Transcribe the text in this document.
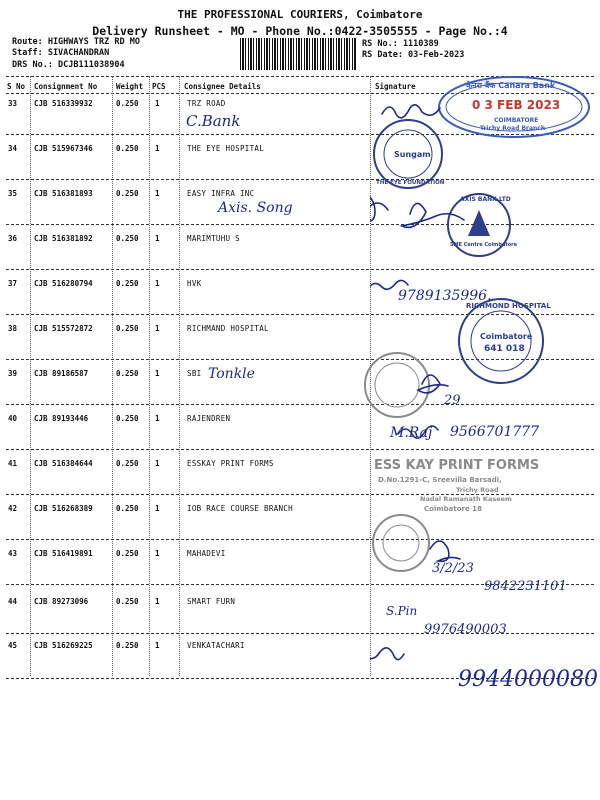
THE PROFESSIONAL COURIERS, Coimbatore
Delivery Runsheet - MO - Phone No.:0422-3505555 - Page No.:4
Route: HIGHWAYS TRZ RD MO
Staff: SIVACHANDRAN
DRS No.: DCJB111038904
RS No.: 1110389
RS Date: 03-Feb-2023
S No Consignment No	Weight PCS Consignee Details	Signature
33 CJB 516339932	0.250 1	TRZ ROAD
34 CJB 515967346	0.250 1	THE EYE HOSPITAL
35 CJB 516381893	0.250 1	EASY INFRA INC
36 CJB 516381892	0.250 1	MARIMTUHU S
37 CJB 516280794	0.250 1	HVK
38 CJB 515572872	0.250 1	RICHMAND HOSPITAL
39 CJB 89186587	0.250 1	SBI
40 CJB 89193446	0.250 1	RAJENDREN
41 CJB 516384644	0.250 1	ESSKAY PRINT FORMS
42 CJB 516268389	0.250 1	IOB RACE COURSE BRANCH
43 CJB 516419891	0.250 1	MAHADEVI
44 CJB 89273096	0.250 1	SMART FURN
45 CJB 516269225	0.250 1	VENKATACHARI
C.Bank
Axis. Song
Tonkle
केनरा बैंक Canara Bank
0 3 FEB 2023
COIMBATORE
Trichy Road Branch
THE EYE FOUNDATION
Sungam
AXIS BANK LTD
SME Centre Coimbatore
RICHMOND HOSPITAL
Coimbatore
641 018
ESS KAY PRINT FORMS
D.No.1291-C, Sreevilla Barsadi,
Trichy Road
Nadal Ramanath Kaseem
Coimbatore 18
9789135996.
M.Raj 9566701777
29
3/2/23
9842231101
S.Pin
9976490003
9944000080
